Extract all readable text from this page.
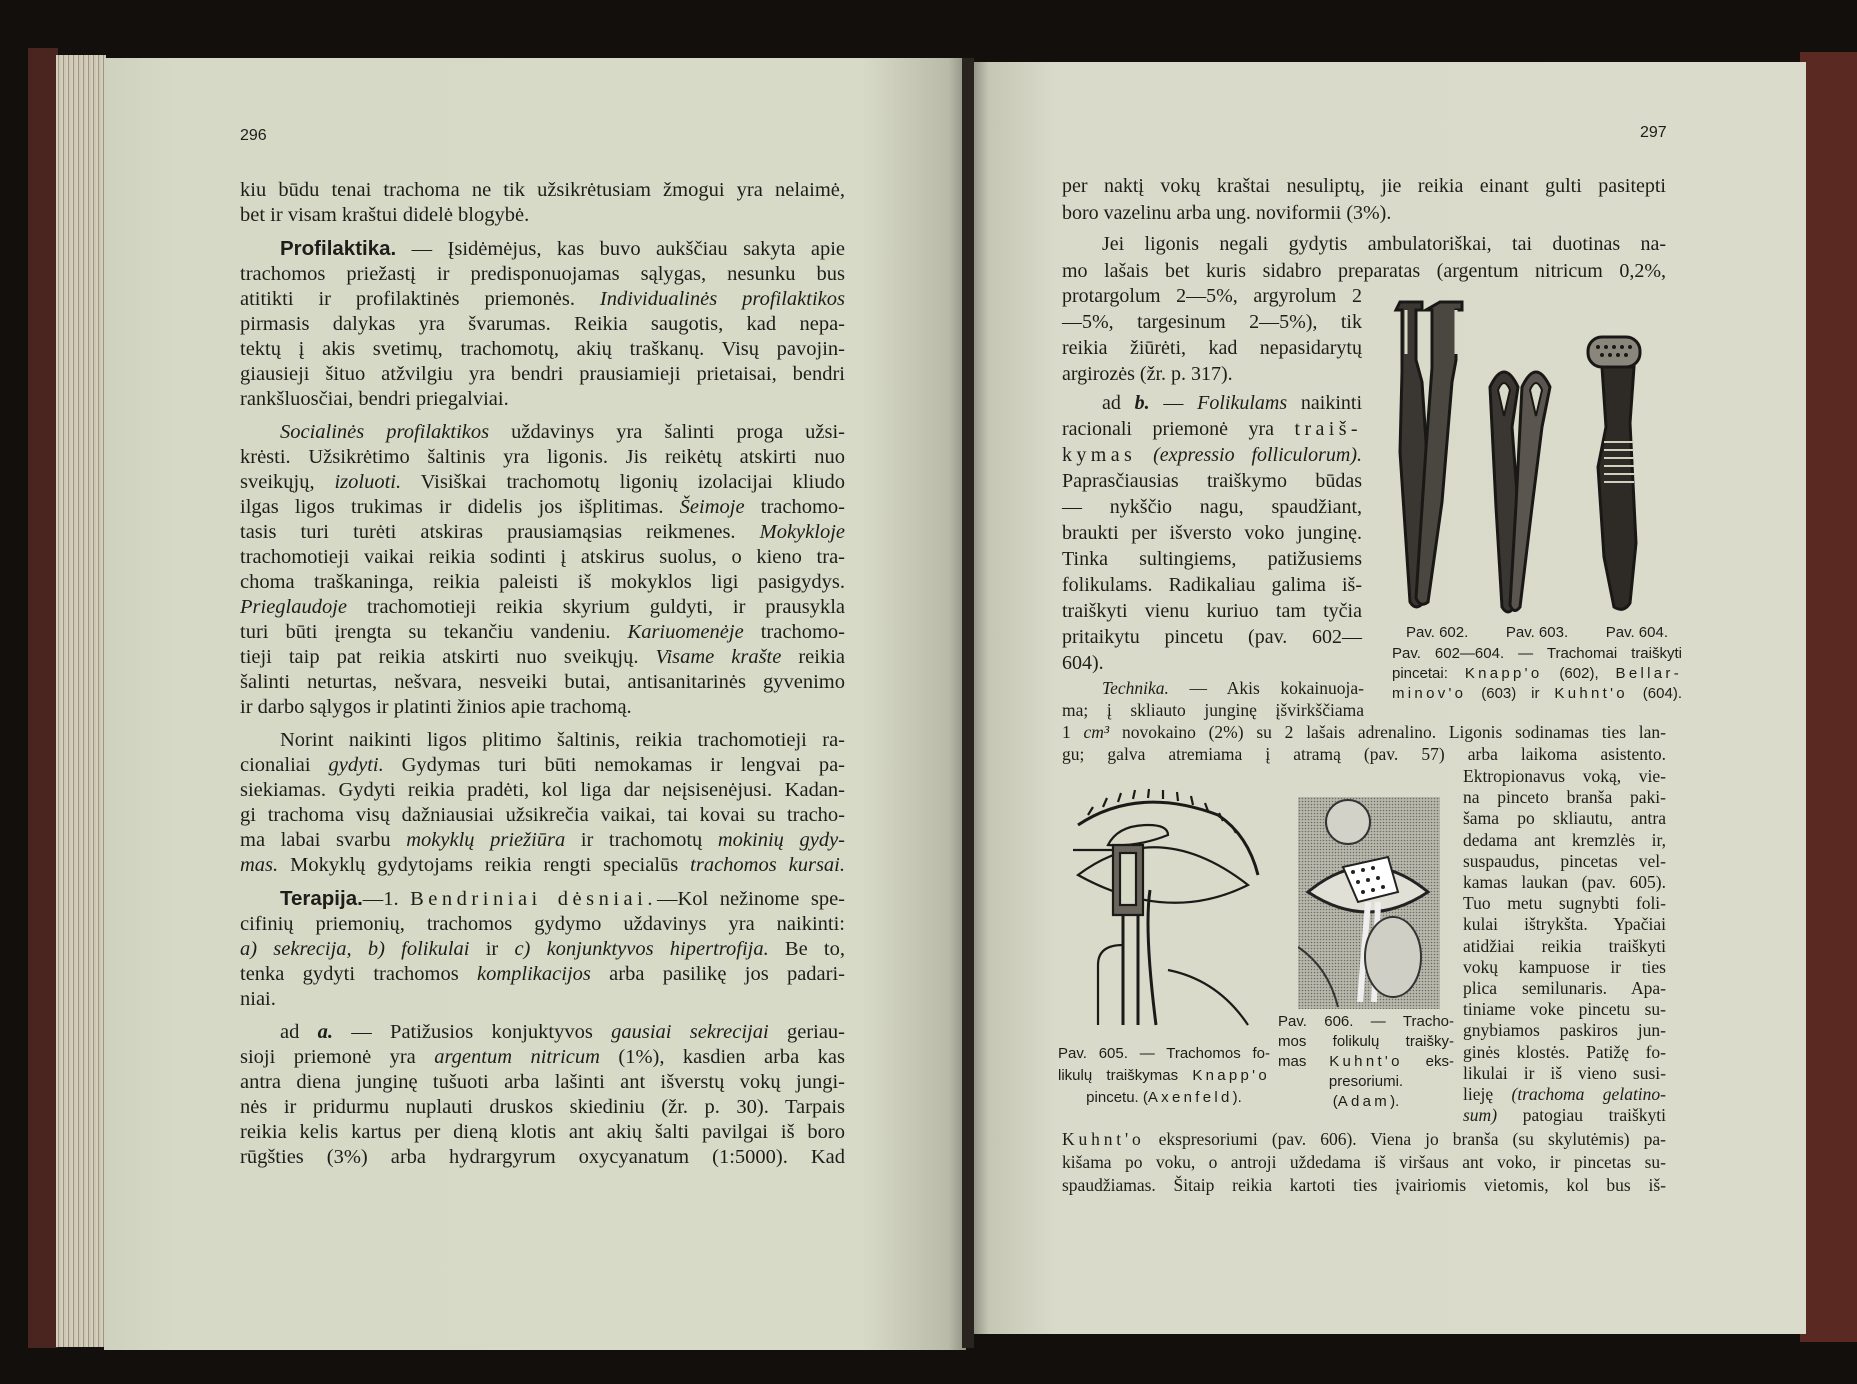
296	297
kiu būdu tenai trachoma ne tik užsikrėtusiam žmogui yra nelaimė,
bet ir visam kraštui didelė blogybė.
Profilaktika. — Įsidėmėjus, kas buvo aukščiau sakyta apie
trachomos priežastį ir predisponuojamas sąlygas, nesunku bus
atitikti ir profilaktinės priemonės. Individualinės profilaktikos
pirmasis dalykas yra švarumas. Reikia saugotis, kad nepa-
tektų į akis svetimų, trachomotų, akių traškanų. Visų pavojin-
giausieji šituo atžvilgiu yra bendri prausiamieji prietaisai, bendri
rankšluosčiai, bendri priegalviai.
Socialinės profilaktikos uždavinys yra šalinti proga užsi-
krėsti. Užsikrėtimo šaltinis yra ligonis. Jis reikėtų atskirti nuo
sveikųjų, izoluoti. Visiškai trachomotų ligonių izolacijai kliudo
ilgas ligos trukimas ir didelis jos išplitimas. Šeimoje trachomo-
tasis turi turėti atskiras prausiamąsias reikmenes. Mokykloje
trachomotieji vaikai reikia sodinti į atskirus suolus, o kieno tra-
choma traškaninga, reikia paleisti iš mokyklos ligi pasigydys.
Prieglaudoje trachomotieji reikia skyrium guldyti, ir prausykla
turi būti įrengta su tekančiu vandeniu. Kariuomenėje trachomo-
tieji taip pat reikia atskirti nuo sveikųjų. Visame krašte reikia
šalinti neturtas, nešvara, nesveiki butai, antisanitarinės gyvenimo
ir darbo sąlygos ir platinti žinios apie trachomą.
Norint naikinti ligos plitimo šaltinis, reikia trachomotieji ra-
cionaliai gydyti. Gydymas turi būti nemokamas ir lengvai pa-
siekiamas. Gydyti reikia pradėti, kol liga dar neįsisenėjusi. Kadan-
gi trachoma visų dažniausiai užsikrečia vaikai, tai kovai su tracho-
ma labai svarbu mokyklų priežiūra ir trachomotų mokinių gydy-
mas. Mokyklų gydytojams reikia rengti specialūs trachomos kursai.
Terapija.—1. Bendriniai dėsniai.—Kol nežinome spe-
cifinių priemonių, trachomos gydymo uždavinys yra naikinti:
a) sekrecija, b) folikulai ir c) konjunktyvos hipertrofija. Be to,
tenka gydyti trachomos komplikacijos arba pasilikę jos padari-
niai.
ad a. — Patižusios konjuktyvos gausiai sekrecijai geriau-
sioji priemonė yra argentum nitricum (1%), kasdien arba kas
antra diena junginę tušuoti arba lašinti ant išverstų vokų jungi-
nės ir pridurmu nuplauti druskos skiediniu (žr. p. 30). Tarpais
reikia kelis kartus per dieną klotis ant akių šalti pavilgai iš boro
rūgšties (3%) arba hydrargyrum oxycyanatum (1:5000). Kad
per naktį vokų kraštai nesuliptų, jie reikia einant gulti pasitepti
boro vazelinu arba ung. noviformii (3%).
Jei ligonis negali gydytis ambulatoriškai, tai duotinas na-
mo lašais bet kuris sidabro preparatas (argentum nitricum 0,2%,
protargolum 2—5%, argyrolum 2
—5%, targesinum 2—5%), tik
reikia žiūrėti, kad nepasidarytų
argirozės (žr. p. 317).
ad b. — Folikulams naikinti
racionali priemonė yra traiš-
kymas (expressio folliculorum).
Paprasčiausias traiškymo būdas
— nykščio nagu, spaudžiant,
braukti per išversto voko junginę.
Tinka sultingiems, patižusiems
folikulams. Radikaliau galima iš-
traiškyti vienu kuriuo tam tyčia
pritaikytu pincetu (pav. 602—
604).
Technika. — Akis kokainuoja-
ma; į skliauto junginę įšvirkščiama
1 cm³ novokaino (2%) su 2 lašais adrenalino. Ligonis sodinamas ties lan-
gu; galva atremiama į atramą (pav. 57) arba laikoma asistento.
Ektropionavus voką, vie-
na pinceto branša paki-
šama po skliautu, antra
dedama ant kremzlės ir,
suspaudus, pincetas vel-
kamas laukan (pav. 605).
Tuo metu sugnybti foli-
kulai ištrykšta. Ypačiai
atidžiai reikia traiškyti
vokų kampuose ir ties
plica semilunaris. Apa-
tiniame voke pincetu su-
gnybiamos paskiros jun-
ginės klostės. Patižę fo-
likulai ir iš vieno susi-
lieję (trachoma gelatino-
sum) patogiau traiškyti
Kuhnt'o ekspresoriumi (pav. 606). Viena jo branša (su skylutėmis) pa-
kišama po voku, o antroji uždedama iš viršaus ant voko, ir pincetas su-
spaudžiamas. Šitaip reikia kartoti ties įvairiomis vietomis, kol bus iš-
Pav. 602.	Pav. 603.	Pav. 604.
Pav. 602—604. — Trachomai traiškyti
pincetai: Knapp'o (602), Bellar-
minov'o (603) ir Kuhnt'o (604).
Pav. 605. — Trachomos fo-
likulų traiškymas Knapp'o
pincetu. (Axenfeld).
Pav. 606. — Tracho-
mos folikulų traišky-
mas Kuhnt'o eks-
presoriumi.
(Adam).
